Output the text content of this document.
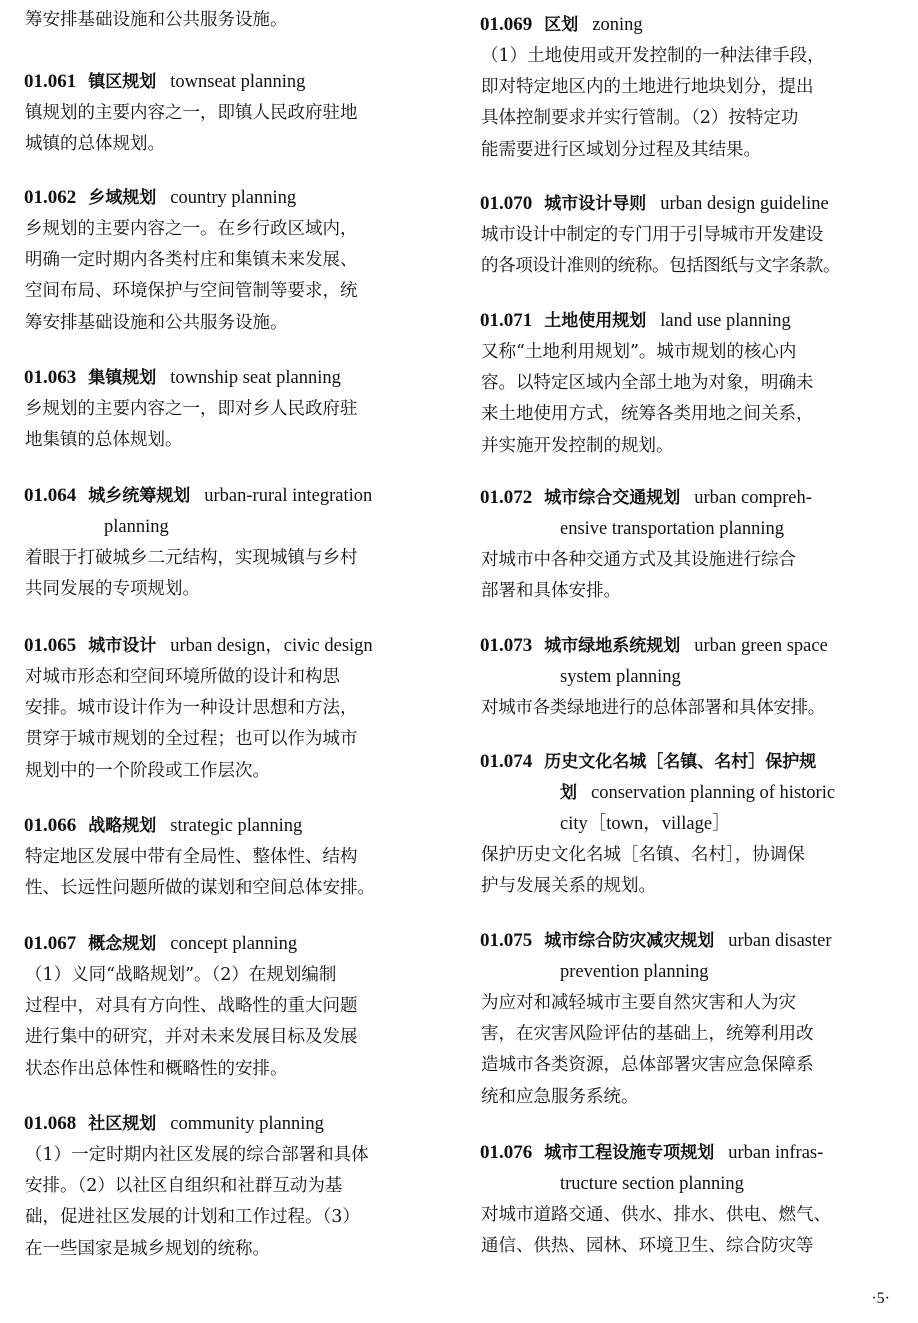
筹安排基础设施和公共服务设施。
01.061 镇区规划 townseat planning
镇规划的主要内容之一，即镇人民政府驻地
城镇的总体规划。
01.062 乡域规划 country planning
乡规划的主要内容之一。在乡行政区域内，
明确一定时期内各类村庄和集镇未来发展、
空间布局、环境保护与空间管制等要求，统
筹安排基础设施和公共服务设施。
01.063 集镇规划 township seat planning
乡规划的主要内容之一，即对乡人民政府驻
地集镇的总体规划。
01.064 城乡统筹规划 urban-rural integration
planning
着眼于打破城乡二元结构，实现城镇与乡村
共同发展的专项规划。
01.065 城市设计 urban design，civic design
对城市形态和空间环境所做的设计和构思
安排。城市设计作为一种设计思想和方法，
贯穿于城市规划的全过程；也可以作为城市
规划中的一个阶段或工作层次。
01.066 战略规划 strategic planning
特定地区发展中带有全局性、整体性、结构
性、长远性问题所做的谋划和空间总体安排。
01.067 概念规划 concept planning
（1）义同“战略规划”。（2）在规划编制
过程中，对具有方向性、战略性的重大问题
进行集中的研究，并对未来发展目标及发展
状态作出总体性和概略性的安排。
01.068 社区规划 community planning
（1）一定时期内社区发展的综合部署和具体
安排。（2）以社区自组织和社群互动为基
础，促进社区发展的计划和工作过程。（3）
在一些国家是城乡规划的统称。
01.069 区划 zoning
（1）土地使用或开发控制的一种法律手段，
即对特定地区内的土地进行地块划分，提出
具体控制要求并实行管制。（2）按特定功
能需要进行区域划分过程及其结果。
01.070 城市设计导则 urban design guideline
城市设计中制定的专门用于引导城市开发建设
的各项设计准则的统称。包括图纸与文字条款。
01.071 土地使用规划 land use planning
又称“土地利用规划”。城市规划的核心内
容。以特定区域内全部土地为对象，明确未
来土地使用方式，统筹各类用地之间关系，
并实施开发控制的规划。
01.072 城市综合交通规划 urban compreh-
ensive transportation planning
对城市中各种交通方式及其设施进行综合
部署和具体安排。
01.073 城市绿地系统规划 urban green space
system planning
对城市各类绿地进行的总体部署和具体安排。
01.074 历史文化名城［名镇、名村］保护规
划 conservation planning of historic
city［town，village］
保护历史文化名城［名镇、名村］，协调保
护与发展关系的规划。
01.075 城市综合防灾减灾规划 urban disaster
prevention planning
为应对和减轻城市主要自然灾害和人为灾
害，在灾害风险评估的基础上，统筹利用改
造城市各类资源，总体部署灾害应急保障系
统和应急服务系统。
01.076 城市工程设施专项规划 urban infras-
tructure section planning
对城市道路交通、供水、排水、供电、燃气、
通信、供热、园林、环境卫生、综合防灾等
·5·
